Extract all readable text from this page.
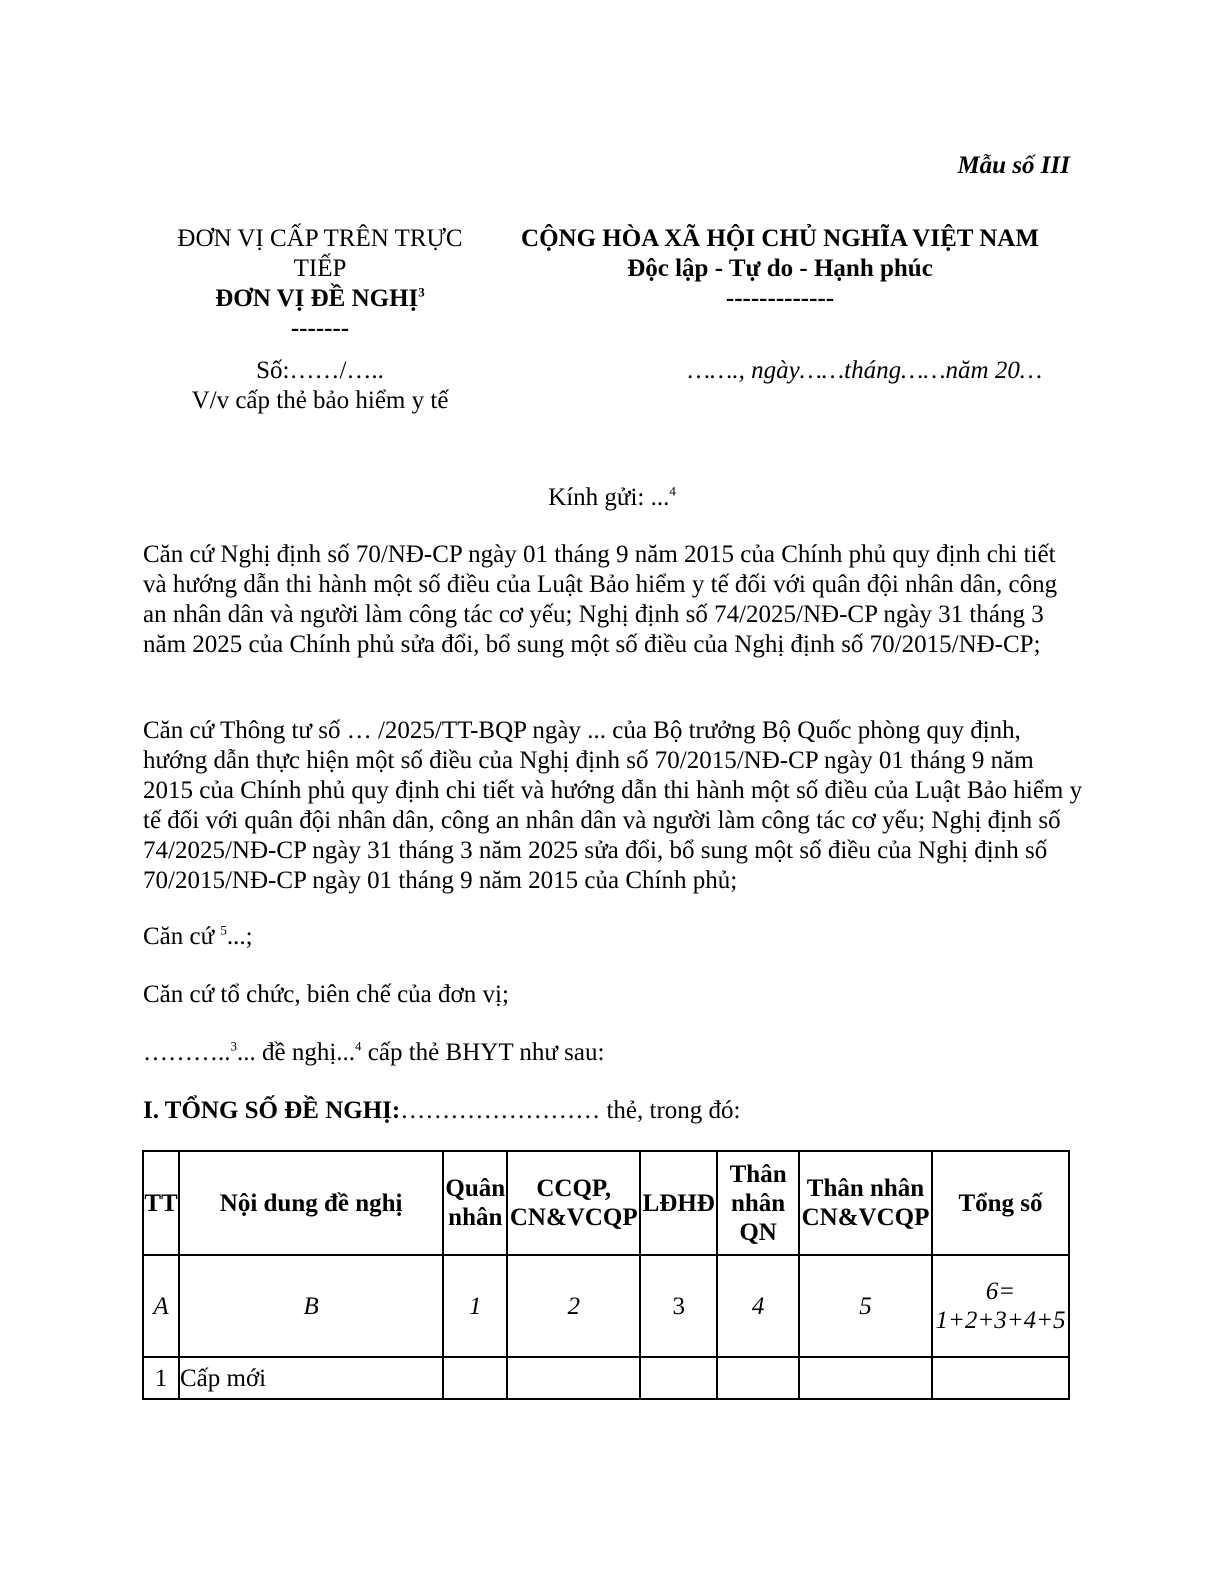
Mẫu số III
ĐƠN VỊ CẤP TRÊN TRỰC TIẾP
ĐƠN VỊ ĐỀ NGHỊ$^3$
-------
CỘNG HÒA XÃ HỘI CHỦ NGHĨA VIỆT NAM
Độc lập - Tự do - Hạnh phúc
-------------
Số:……/…..
V/v cấp thẻ bảo hiểm y tế
……., ngày……tháng……năm 20…
Kính gửi: ...$^4$
Căn cứ Nghị định số 70/NĐ-CP ngày 01 tháng 9 năm 2015 của Chính phủ quy định chi tiết và hướng dẫn thi hành một số điều của Luật Bảo hiểm y tế đối với quân đội nhân dân, công an nhân dân và người làm công tác cơ yếu; Nghị định số 74/2025/NĐ-CP ngày 31 tháng 3 năm 2025 của Chính phủ sửa đổi, bổ sung một số điều của Nghị định số 70/2015/NĐ-CP;
Căn cứ Thông tư số … /2025/TT-BQP ngày ... của Bộ trưởng Bộ Quốc phòng quy định, hướng dẫn thực hiện một số điều của Nghị định số 70/2015/NĐ-CP ngày 01 tháng 9 năm 2015 của Chính phủ quy định chi tiết và hướng dẫn thi hành một số điều của Luật Bảo hiểm y tế đối với quân đội nhân dân, công an nhân dân và người làm công tác cơ yếu; Nghị định số 74/2025/NĐ-CP ngày 31 tháng 3 năm 2025 sửa đổi, bổ sung một số điều của Nghị định số 70/2015/NĐ-CP ngày 01 tháng 9 năm 2015 của Chính phủ;
Căn cứ $^5$...;
Căn cứ tổ chức, biên chế của đơn vị;
………..$^3$... đề nghị...$^4$ cấp thẻ BHYT như sau:
I. TỔNG SỐ ĐỀ NGHỊ:…………………… thẻ, trong đó:
TT	Nội dung đề nghị	Quân nhân	CCQP, CN&VCQP	LĐHĐ	Thân nhân QN	Thân nhân CN&VCQP	Tổng số
A	B	1	2	3	4	5	6= 1+2+3+4+5
1	Cấp mới						
